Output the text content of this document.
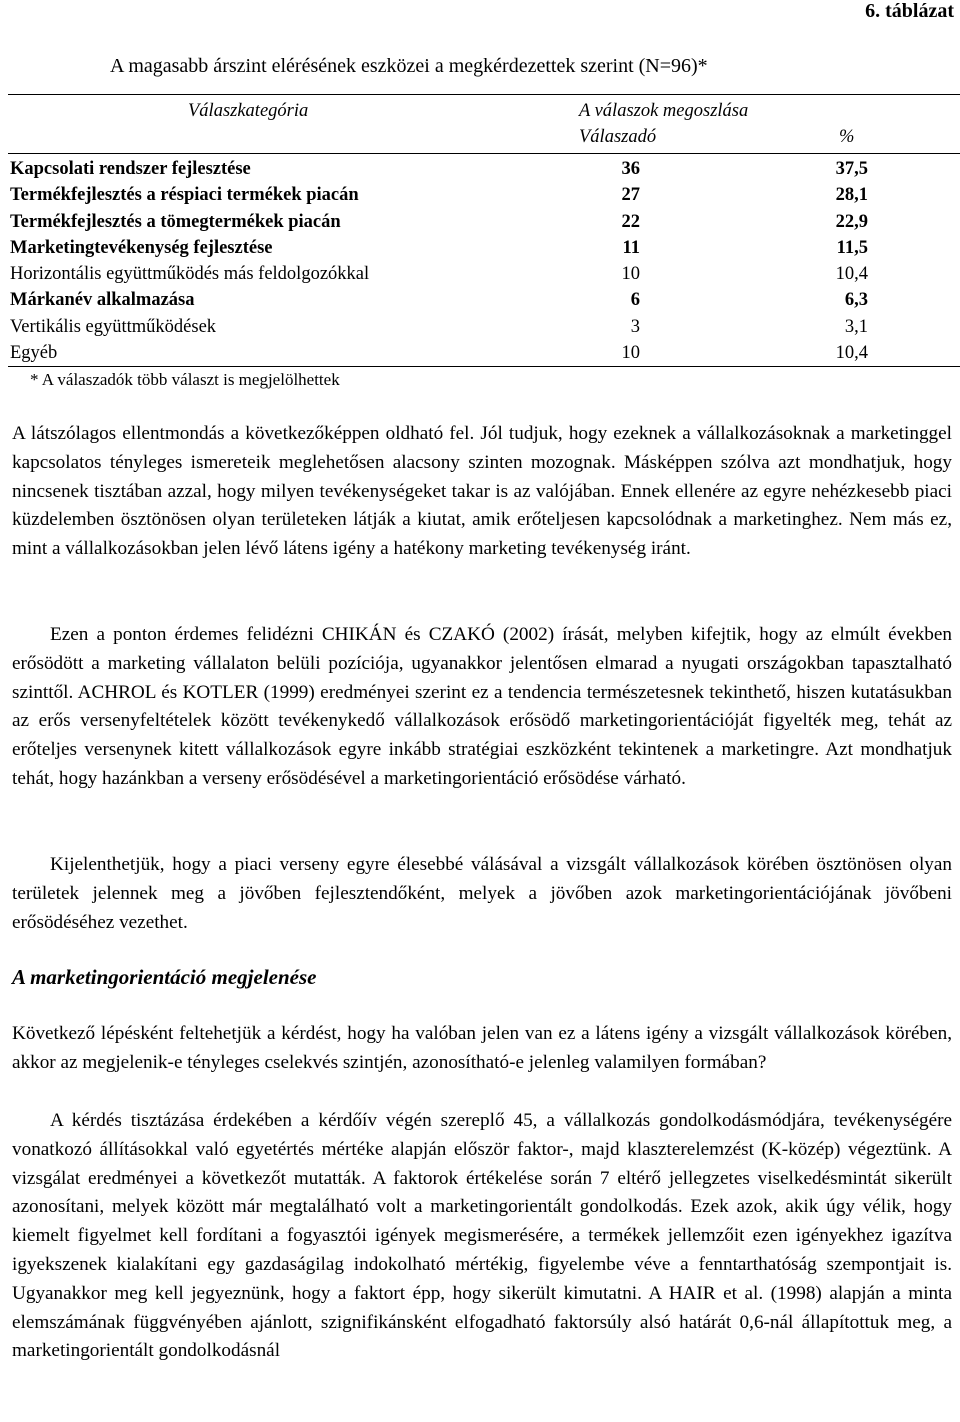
6. táblázat
A magasabb árszint elérésének eszközei a megkérdezettek szerint (N=96)*
Válaszkategória	A válaszok megoszlása
Válaszadó	%
Kapcsolati rendszer fejlesztése	36	37,5
Termékfejlesztés a réspiaci termékek piacán	27	28,1
Termékfejlesztés a tömegtermékek piacán	22	22,9
Marketingtevékenység fejlesztése	11	11,5
Horizontális együttműködés más feldolgozókkal	10	10,4
Márkanév alkalmazása	6	6,3
Vertikális együttműködések	3	3,1
Egyéb	10	10,4
* A válaszadók több választ is megjelölhettek

A látszólagos ellentmondás a következőképpen oldható fel. Jól tudjuk, hogy ezeknek a vállalkozásoknak a marketinggel kapcsolatos tényleges ismereteik meglehetősen alacsony szinten mozognak. Másképpen szólva azt mondhatjuk, hogy nincsenek tisztában azzal, hogy milyen tevékenységeket takar is az valójában. Ennek ellenére az egyre nehézkesebb piaci küzdelemben ösztönösen olyan területeken látják a kiutat, amik erőteljesen kapcsolódnak a marketinghez. Nem más ez, mint a vállalkozásokban jelen lévő látens igény a hatékony marketing tevékenység iránt.

Ezen a ponton érdemes felidézni CHIKÁN és CZAKÓ (2002) írását, melyben kifejtik, hogy az elmúlt években erősödött a marketing vállalaton belüli pozíciója, ugyanakkor jelentősen elmarad a nyugati országokban tapasztalható szinttől. ACHROL és KOTLER (1999) eredményei szerint ez a tendencia természetesnek tekinthető, hiszen kutatásukban az erős versenyfeltételek között tevékenykedő vállalkozások erősödő marketingorientációját figyelték meg, tehát az erőteljes versenynek kitett vállalkozások egyre inkább stratégiai eszközként tekintenek a marketingre. Azt mondhatjuk tehát, hogy hazánkban a verseny erősödésével a marketingorientáció erősödése várható.

Kijelenthetjük, hogy a piaci verseny egyre élesebbé válásával a vizsgált vállalkozások körében ösztönösen olyan területek jelennek meg a jövőben fejlesztendőként, melyek a jövőben azok marketingorientációjának jövőbeni erősödéséhez vezethet.

A marketingorientáció megjelenése

Következő lépésként feltehetjük a kérdést, hogy ha valóban jelen van ez a látens igény a vizsgált vállalkozások körében, akkor az megjelenik-e tényleges cselekvés szintjén, azonosítható-e jelenleg valamilyen formában?

A kérdés tisztázása érdekében a kérdőív végén szereplő 45, a vállalkozás gondolkodásmódjára, tevékenységére vonatkozó állításokkal való egyetértés mértéke alapján először faktor-, majd klaszterelemzést (K-közép) végeztünk. A vizsgálat eredményei a következőt mutatták. A faktorok értékelése során 7 eltérő jellegzetes viselkedésmintát sikerült azonosítani, melyek között már megtalálható volt a marketingorientált gondolkodás. Ezek azok, akik úgy vélik, hogy kiemelt figyelmet kell fordítani a fogyasztói igények megismerésére, a termékek jellemzőit ezen igényekhez igazítva igyekszenek kialakítani egy gazdaságilag indokolható mértékig, figyelembe véve a fenntarthatóság szempontjait is. Ugyanakkor meg kell jegyeznünk, hogy a faktort épp, hogy sikerült kimutatni. A HAIR et al. (1998) alapján a minta elemszámának függvényében ajánlott, szignifikánsként elfogadható faktorsúly alsó határát 0,6-nál állapítottuk meg, a marketingorientált gondolkodásnál
